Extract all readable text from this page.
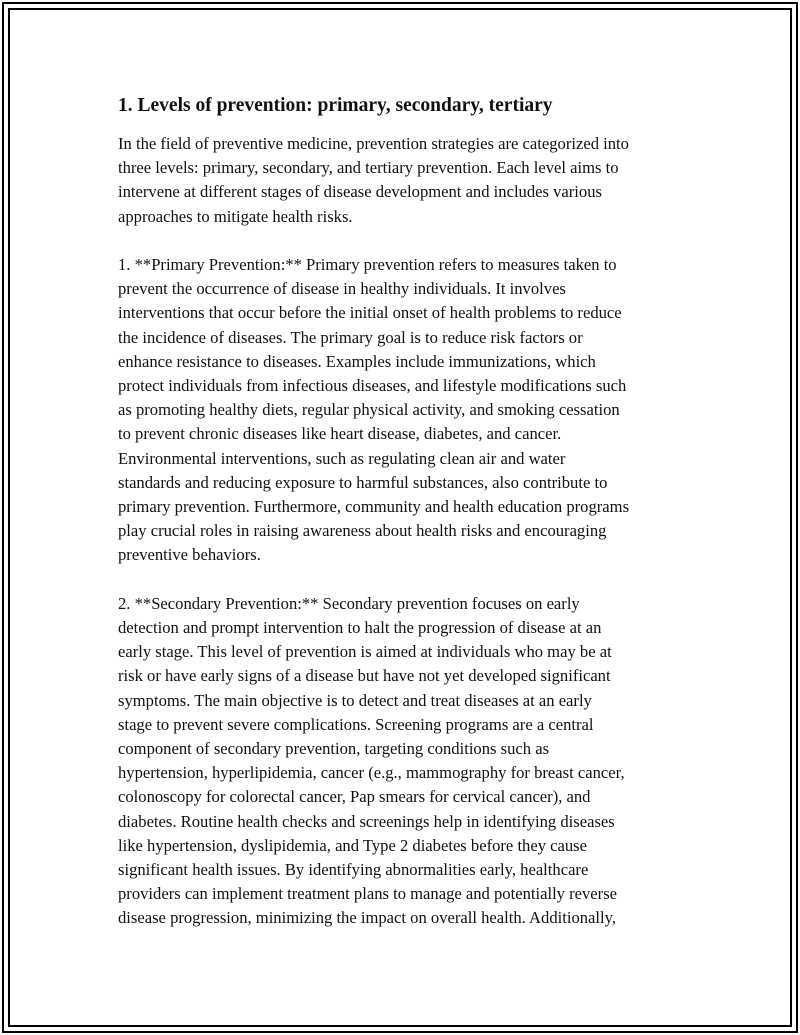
1. Levels of prevention: primary, secondary, tertiary

In the field of preventive medicine, prevention strategies are categorized into
three levels: primary, secondary, and tertiary prevention. Each level aims to
intervene at different stages of disease development and includes various
approaches to mitigate health risks.

1. **Primary Prevention:** Primary prevention refers to measures taken to
prevent the occurrence of disease in healthy individuals. It involves
interventions that occur before the initial onset of health problems to reduce
the incidence of diseases. The primary goal is to reduce risk factors or
enhance resistance to diseases. Examples include immunizations, which
protect individuals from infectious diseases, and lifestyle modifications such
as promoting healthy diets, regular physical activity, and smoking cessation
to prevent chronic diseases like heart disease, diabetes, and cancer.
Environmental interventions, such as regulating clean air and water
standards and reducing exposure to harmful substances, also contribute to
primary prevention. Furthermore, community and health education programs
play crucial roles in raising awareness about health risks and encouraging
preventive behaviors.

2. **Secondary Prevention:** Secondary prevention focuses on early
detection and prompt intervention to halt the progression of disease at an
early stage. This level of prevention is aimed at individuals who may be at
risk or have early signs of a disease but have not yet developed significant
symptoms. The main objective is to detect and treat diseases at an early
stage to prevent severe complications. Screening programs are a central
component of secondary prevention, targeting conditions such as
hypertension, hyperlipidemia, cancer (e.g., mammography for breast cancer,
colonoscopy for colorectal cancer, Pap smears for cervical cancer), and
diabetes. Routine health checks and screenings help in identifying diseases
like hypertension, dyslipidemia, and Type 2 diabetes before they cause
significant health issues. By identifying abnormalities early, healthcare
providers can implement treatment plans to manage and potentially reverse
disease progression, minimizing the impact on overall health. Additionally,
